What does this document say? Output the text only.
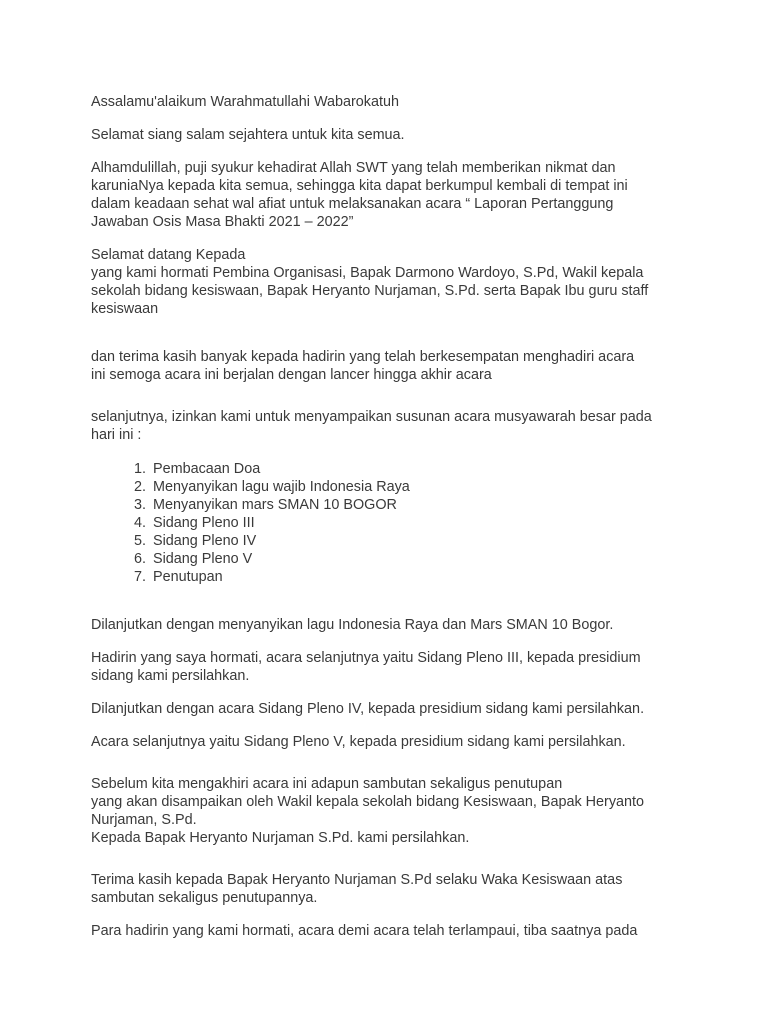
Assalamu'alaikum Warahmatullahi Wabarokatuh

Selamat siang salam sejahtera untuk kita semua.

Alhamdulillah, puji syukur kehadirat Allah SWT yang telah memberikan nikmat dan
karuniaNya kepada kita semua, sehingga kita dapat berkumpul kembali di tempat ini
dalam keadaan sehat wal afiat untuk melaksanakan acara “ Laporan Pertanggung
Jawaban Osis Masa Bhakti 2021 – 2022”

Selamat datang Kepada
yang kami hormati Pembina Organisasi, Bapak Darmono Wardoyo, S.Pd, Wakil kepala
sekolah bidang kesiswaan, Bapak Heryanto Nurjaman, S.Pd. serta Bapak Ibu guru staff
kesiswaan

dan terima kasih banyak kepada hadirin yang telah berkesempatan menghadiri acara
ini semoga acara ini berjalan dengan lancer hingga akhir acara

selanjutnya, izinkan kami untuk menyampaikan susunan acara musyawarah besar pada
hari ini :

1. Pembacaan Doa
2. Menyanyikan lagu wajib Indonesia Raya
3. Menyanyikan mars SMAN 10 BOGOR
4. Sidang Pleno III
5. Sidang Pleno IV
6. Sidang Pleno V
7. Penutupan

Dilanjutkan dengan menyanyikan lagu Indonesia Raya dan Mars SMAN 10 Bogor.

Hadirin yang saya hormati, acara selanjutnya yaitu Sidang Pleno III, kepada presidium
sidang kami persilahkan.

Dilanjutkan dengan acara Sidang Pleno IV, kepada presidium sidang kami persilahkan.

Acara selanjutnya yaitu Sidang Pleno V, kepada presidium sidang kami persilahkan.

Sebelum kita mengakhiri acara ini adapun sambutan sekaligus penutupan
yang akan disampaikan oleh Wakil kepala sekolah bidang Kesiswaan, Bapak Heryanto
Nurjaman, S.Pd.
Kepada Bapak Heryanto Nurjaman S.Pd. kami persilahkan.

Terima kasih kepada Bapak Heryanto Nurjaman S.Pd selaku Waka Kesiswaan atas
sambutan sekaligus penutupannya.

Para hadirin yang kami hormati, acara demi acara telah terlampaui, tiba saatnya pada
